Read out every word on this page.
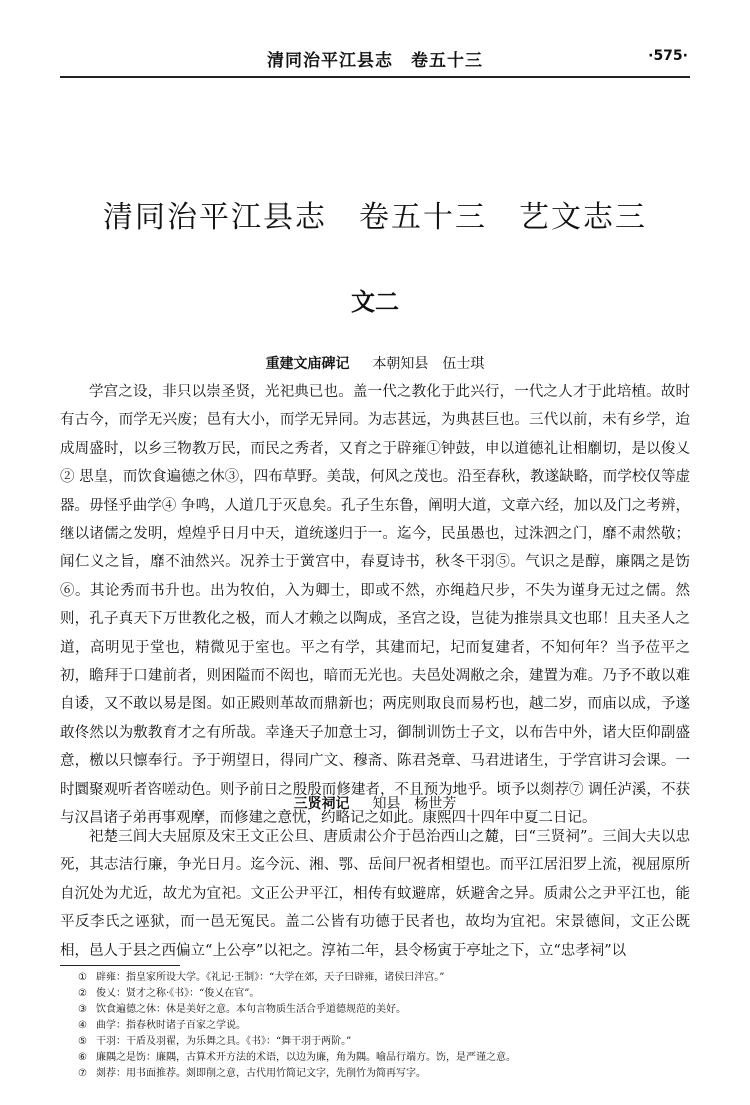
清同治平江县志　卷五十三	·575·
清同治平江县志　卷五十三　艺文志三
文二
重建文庙碑记 本朝知县　伍士琪

学宫之设，非只以崇圣贤，光祀典已也。盖一代之教化于此兴行，一代之人才于此培植。故时有古今，而学无兴废；邑有大小，而学无异同。为志甚远，为典甚巨也。三代以前，未有乡学，迨成周盛时，以乡三物教万民，而民之秀者，又育之于辟雍①钟鼓，申以道德礼让相劘切，是以俊乂② 思皇，而饮食遍德之休③，四布草野。美哉，何风之茂也。沿至春秋，教遂缺略，而学校仅等虚器。毋怪乎曲学④ 争鸣，人道几于灭息矣。孔子生东鲁，阐明大道，文章六经，加以及门之考辨，继以诸儒之发明，煌煌乎日月中天，道统遂归于一。迄今，民虽愚也，过洙泗之门，靡不肃然敬；闻仁义之旨，靡不油然兴。况养士于黉宫中，春夏诗书，秋冬干羽⑤。气识之是醇，廉隅之是饬⑥。其论秀而书升也。出为牧伯，入为卿士，即或不然，亦绳趋尺步，不失为谨身无过之儒。然则，孔子真天下万世教化之极，而人才赖之以陶成，圣宫之设，岂徒为推崇具文也耶！且夫圣人之道，高明见于堂也，精微见于室也。平之有学，其建而圮，圮而复建者，不知何年？当予莅平之初，瞻拜于口建前者，则困隘而不闳也，暗而无光也。夫邑处凋敝之余，建置为难。乃予不敢以难自诿，又不敢以易是图。如正殿则革故而鼎新也；两庑则取良而易朽也，越二岁，而庙以成，予遂敢佟然以为敷教育才之有所哉。幸逢天子加意士习，御制训饬士子文，以布告中外，诸大臣仰副盛意，檄以只懔奉行。予于朔望日，得同广文、穆斋、陈君尧章、马君进诸生，于学宫讲习会课。一时圜聚观听者咨嗟动色。则予前日之殷殷而修建者，不且预为地乎。顷予以剡荐⑦ 调任泸溪，不获与汉昌诸子弟再事观摩，而修建之意忧，约略记之如此。康熙四十四年中夏二日记。

三贤祠记 知县　杨世芳

祀楚三闾大夫屈原及宋王文正公旦、唐质肃公介于邑治西山之麓，曰“三贤祠”。三闾大夫以忠死，其志洁行廉，争光日月。迄今沅、湘、鄂、岳间尸祝者相望也。而平江居汨罗上流，视屈原所自沉处为尤近，故尤为宜祀。文正公尹平江，相传有蚊避席，妖避舍之异。质肃公之尹平江也，能平反李氏之诬狱，而一邑无冤民。盖二公皆有功德于民者也，故均为宜祀。宋景德间，文正公既相，邑人于县之西偏立“上公亭”以祀之。淳祐二年，县令杨寅于亭址之下，立“忠孝祠”以

① 辟雍：指皇家所设大学。《礼记·王制》：“大学在郊，天子曰辟雍，诸侯曰泮宫。”
② 俊乂：贤才之称·《书》：“俊乂在官”。
③ 饮食遍德之休：休是美好之意。本句言物质生活合乎道德规范的美好。
④ 曲学：指春秋时诸子百家之学说。
⑤ 干羽：干盾及羽翟，为乐舞之具。《书》：“舞干羽于两阶。”
⑥ 廉隅之是饬：廉隅，古算术开方法的术语，以边为廉，角为隅。喻品行端方。饬，是严谨之意。
⑦ 剡荐：用书面推荐。剡即削之意，古代用竹简记文字，先削竹为简再写字。
